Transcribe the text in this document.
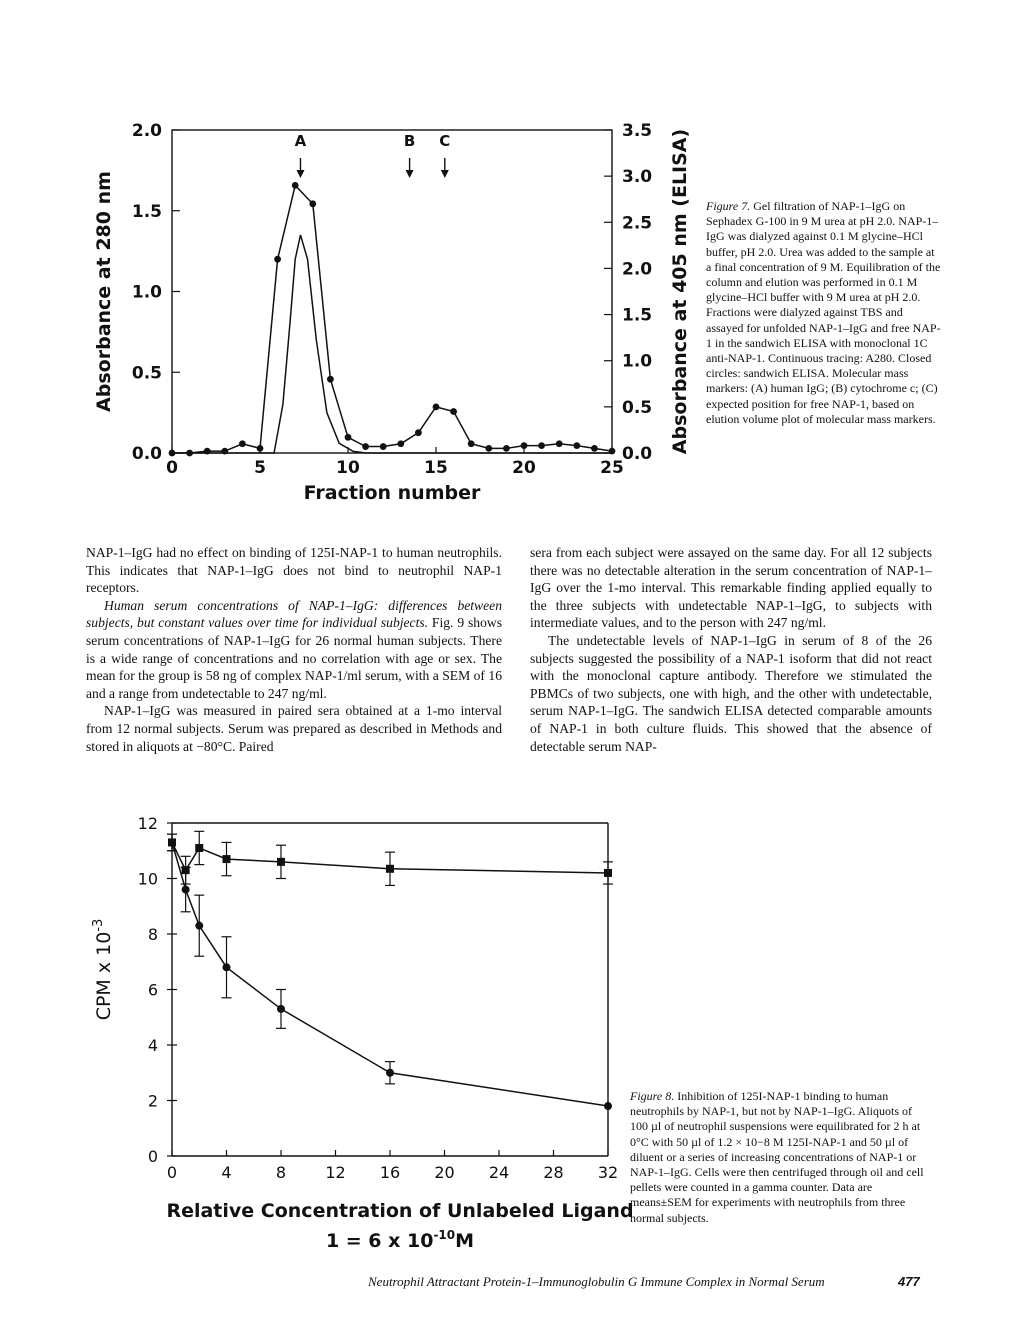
0.0
0.5
1.0
1.5
2.0
0.0
0.5
1.0
1.5
2.0
2.5
3.0
3.5
0	5	10	15	20	25
Fraction number
Absorbance at 280 nm	Absorbance at 405 nm (ELISA)
A	B C
Figure 7. Gel filtration of NAP-1–IgG on Sephadex G-100 in 9 M urea at pH 2.0. NAP-1–IgG was dialyzed against 0.1 M glycine–HCl buffer, pH 2.0. Urea was added to the sample at a final concentration of 9 M. Equilibration of the column and elution was performed in 0.1 M glycine–HCl buffer with 9 M urea at pH 2.0. Fractions were dialyzed against TBS and assayed for unfolded NAP-1–IgG and free NAP-1 in the sandwich ELISA with monoclonal 1C anti-NAP-1. Continuous tracing: A280. Closed circles: sandwich ELISA. Molecular mass markers: (A) human IgG; (B) cytochrome c; (C) expected position for free NAP-1, based on elution volume plot of molecular mass markers.

NAP-1–IgG had no effect on binding of 125I-NAP-1 to human neutrophils. This indicates that NAP-1–IgG does not bind to neutrophil NAP-1 receptors.

Human serum concentrations of NAP-1–IgG: differences between subjects, but constant values over time for individual subjects. Fig. 9 shows serum concentrations of NAP-1–IgG for 26 normal human subjects. There is a wide range of concentrations and no correlation with age or sex. The mean for the group is 58 ng of complex NAP-1/ml serum, with a SEM of 16 and a range from undetectable to 247 ng/ml.

NAP-1–IgG was measured in paired sera obtained at a 1-mo interval from 12 normal subjects. Serum was prepared as described in Methods and stored in aliquots at −80°C. Paired

sera from each subject were assayed on the same day. For all 12 subjects there was no detectable alteration in the serum concentration of NAP-1–IgG over the 1-mo interval. This remarkable finding applied equally to the three subjects with undetectable NAP-1–IgG, to subjects with intermediate values, and to the person with 247 ng/ml.

The undetectable levels of NAP-1–IgG in serum of 8 of the 26 subjects suggested the possibility of a NAP-1 isoform that did not react with the monoclonal capture antibody. Therefore we stimulated the PBMCs of two subjects, one with high, and the other with undetectable, serum NAP-1–IgG. The sandwich ELISA detected comparable amounts of NAP-1 in both culture fluids. This showed that the absence of detectable serum NAP-

0
2
4
6
8
10
12
0	4	8 12 16 20 24 28 32
Relative Concentration of Unlabeled Ligand
1 = 6 x $10^{-10}M$
CPM x $10^{-3}$
Figure 8. Inhibition of 125I-NAP-1 binding to human neutrophils by NAP-1, but not by NAP-1–IgG. Aliquots of 100 µl of neutrophil suspensions were equilibrated for 2 h at 0°C with 50 µl of 1.2 × 10−8 M 125I-NAP-1 and 50 µl of diluent or a series of increasing concentrations of NAP-1 or NAP-1–IgG. Cells were then centrifuged through oil and cell pellets were counted in a gamma counter. Data are means±SEM for experiments with neutrophils from three normal subjects.
Neutrophil Attractant Protein-1–Immunoglobulin G Immune Complex in Normal Serum	477
